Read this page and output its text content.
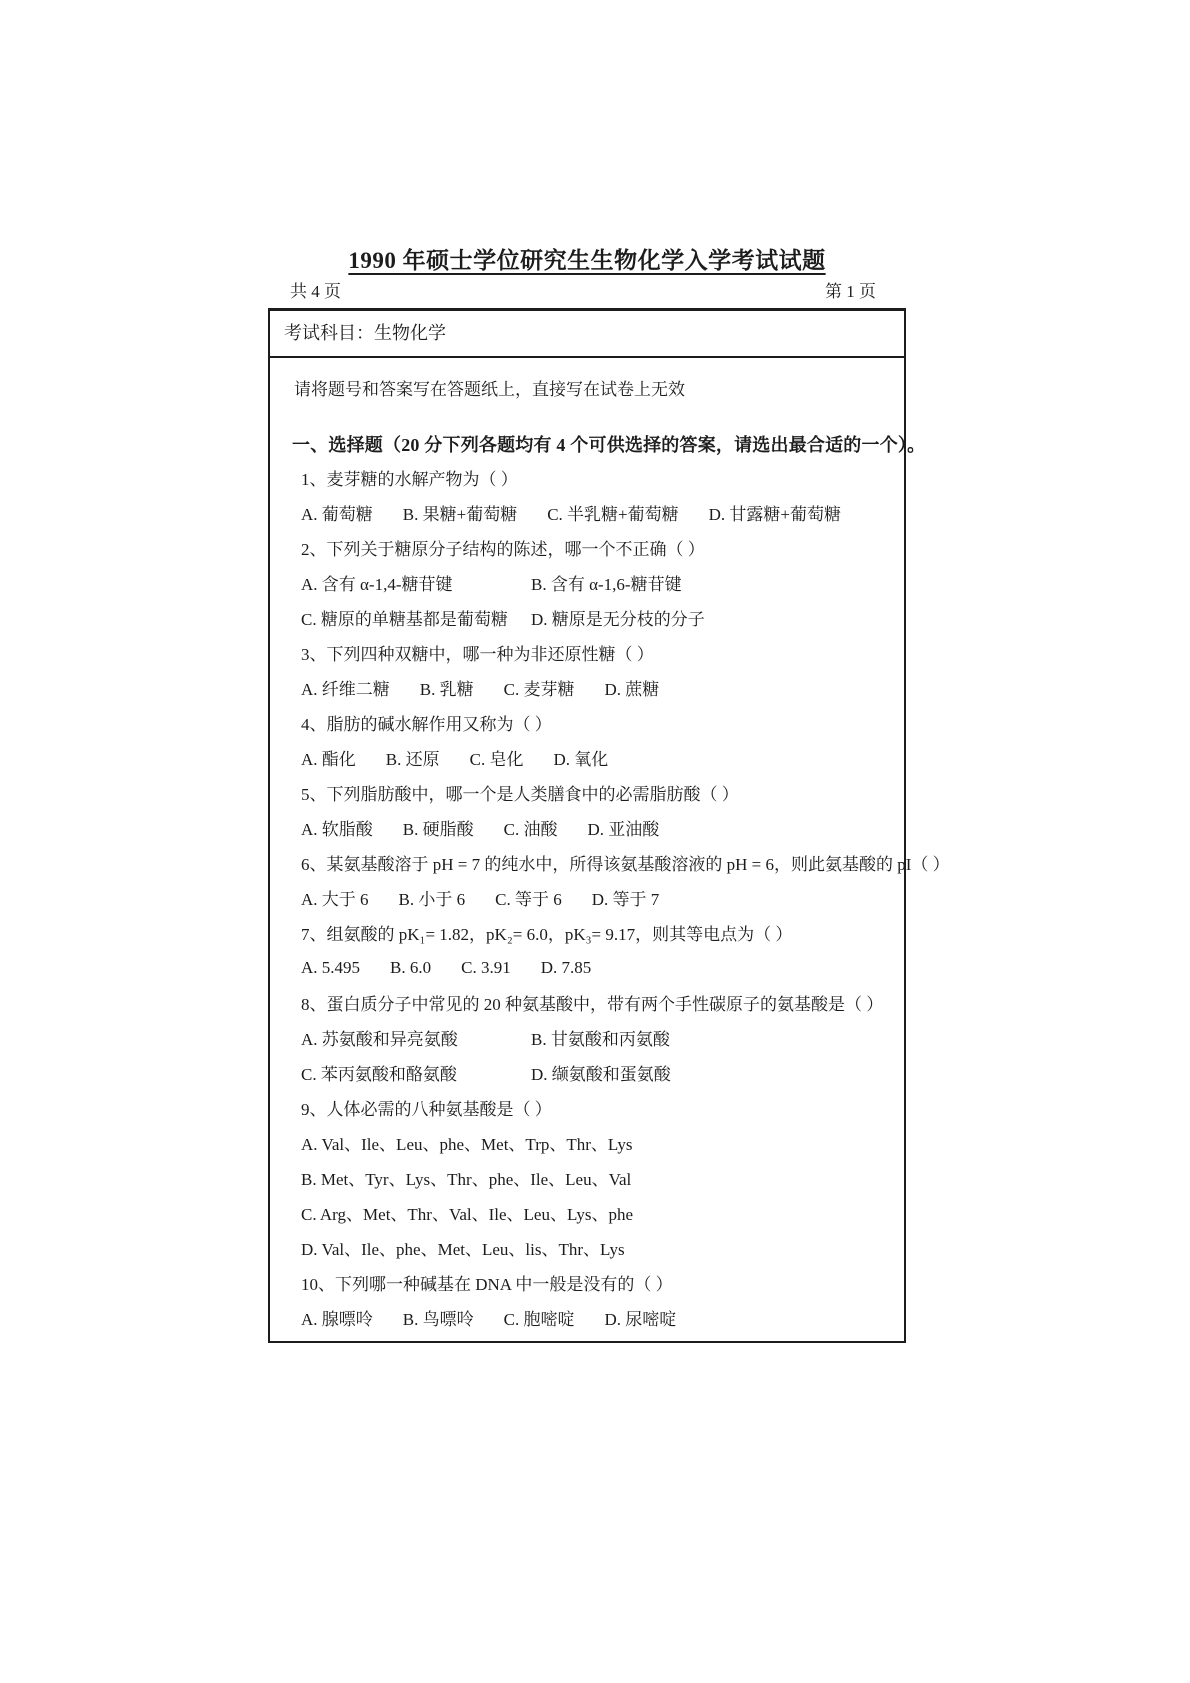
1990 年硕士学位研究生生物化学入学考试试题
共 4 页	第 1 页
考试科目：生物化学
请将题号和答案写在答题纸上，直接写在试卷上无效
一、选择题（20 分下列各题均有 4 个可供选择的答案，请选出最合适的一个）。
1、麦芽糖的水解产物为（ ）
A. 葡萄糖 B. 果糖+葡萄糖 C. 半乳糖+葡萄糖 D. 甘露糖+葡萄糖
2、下列关于糖原分子结构的陈述，哪一个不正确（ ）
A. 含有 α-1,4-糖苷键	B. 含有 α-1,6-糖苷键
C. 糖原的单糖基都是葡萄糖	D. 糖原是无分枝的分子
3、下列四种双糖中，哪一种为非还原性糖（ ）
A. 纤维二糖 B. 乳糖 C. 麦芽糖 D. 蔗糖
4、脂肪的碱水解作用又称为（ ）
A. 酯化 B. 还原 C. 皂化 D. 氧化
5、下列脂肪酸中，哪一个是人类膳食中的必需脂肪酸（ ）
A. 软脂酸 B. 硬脂酸 C. 油酸 D. 亚油酸
6、某氨基酸溶于 pH = 7 的纯水中，所得该氨基酸溶液的 pH = 6，则此氨基酸的 pI（ ）
A. 大于 6 B. 小于 6 C. 等于 6 D. 等于 7
7、组氨酸的 pK₁= 1.82，pK₂= 6.0，pK₃= 9.17，则其等电点为（ ）
A. 5.495 B. 6.0 C. 3.91 D. 7.85
8、蛋白质分子中常见的 20 种氨基酸中，带有两个手性碳原子的氨基酸是（ ）
A. 苏氨酸和异亮氨酸	B. 甘氨酸和丙氨酸
C. 苯丙氨酸和酪氨酸	D. 缬氨酸和蛋氨酸
9、人体必需的八种氨基酸是（ ）
A. Val、Ile、Leu、phe、Met、Trp、Thr、Lys
B. Met、Tyr、Lys、Thr、phe、Ile、Leu、Val
C. Arg、Met、Thr、Val、Ile、Leu、Lys、phe
D. Val、Ile、phe、Met、Leu、lis、Thr、Lys
10、下列哪一种碱基在 DNA 中一般是没有的（ ）
A. 腺嘌呤 B. 鸟嘌呤 C. 胞嘧啶 D. 尿嘧啶
